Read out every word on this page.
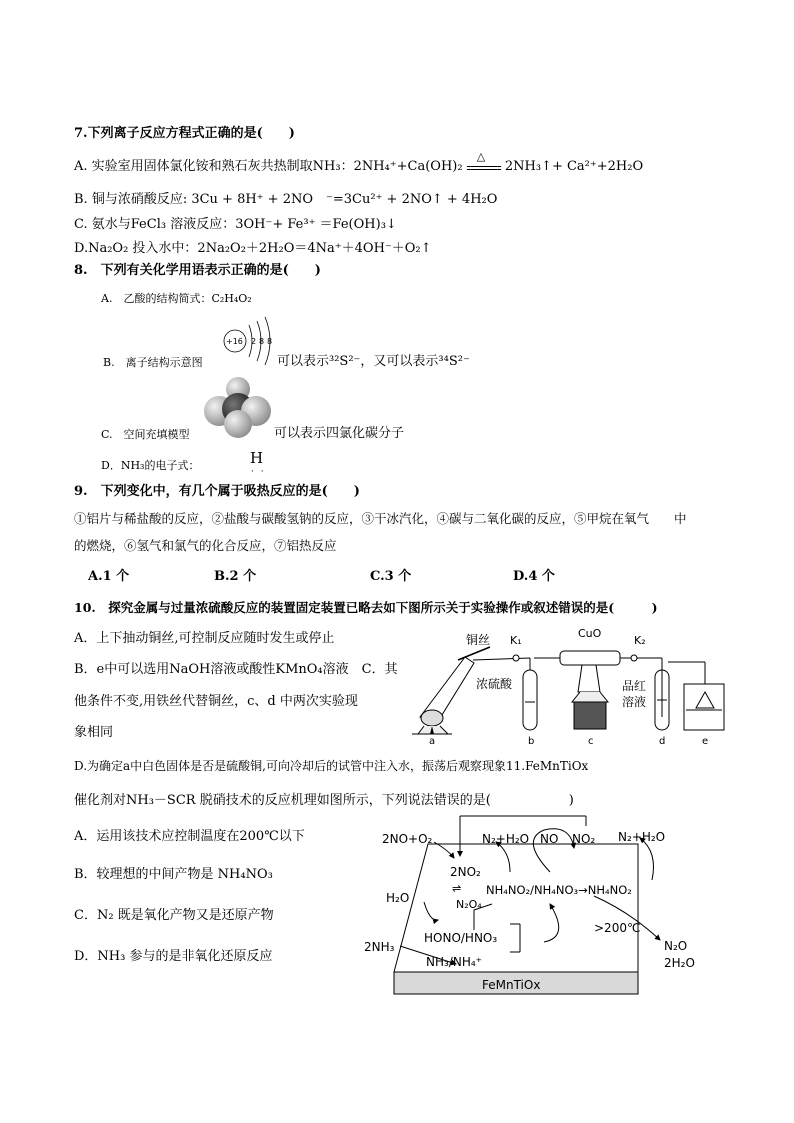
7.下列离子反应方程式正确的是(　　)
A. 实验室用固体氯化铵和熟石灰共热制取NH₃：2NH₄⁺+Ca(OH)₂
△
2NH₃↑+ Ca²⁺+2H₂O
B. 铜与浓硝酸反应: 3Cu + 8H⁺ + 2NO　⁻=3Cu²⁺ + 2NO↑ + 4H₂O
C. 氨水与FeCl₃ 溶液反应：3OH⁻+ Fe³⁺ ＝Fe(OH)₃↓
D.Na₂O₂ 投入水中：2Na₂O₂＋2H₂O＝4Na⁺＋4OH⁻＋O₂↑
8.　下列有关化学用语表示正确的是(　　)
A.　乙酸的结构简式：C₂H₄O₂
B.　离子结构示意图
+16 2 8 8
可以表示³²S²⁻，又可以表示³⁴S²⁻
C.　空间充填模型	可以表示四氯化碳分子
D．NH₃的电子式：	H
· ·
9.　下列变化中，有几个属于吸热反应的是(　　)
①铝片与稀盐酸的反应，②盐酸与碳酸氢钠的反应，③干冰汽化，④碳与二氧化碳的反应，⑤甲烷在氧气　　中
的燃烧，⑥氢气和氯气的化合反应，⑦铝热反应
A.1 个	B.2 个	C.3 个	D.4 个
10.　探究金属与过量浓硫酸反应的装置固定装置已略去如下图所示关于实验操作或叙述错误的是(　　　)
A．上下抽动铜丝,可控制反应随时发生或停止
B．e中可以选用NaOH溶液或酸性KMnO₄溶液　C．其
他条件不变,用铁丝代替铜丝，c、d 中两次实验现
象相同
铜丝 K₁
CuO
K₂
浓硫酸	品红
溶液
a	b	c	d	e
D.为确定a中白色固体是否是硫酸铜,可向冷却后的试管中注入水，振荡后观察现象11.FeMnTiOx
催化剂对NH₃－SCR 脱硝技术的反应机理如图所示，下列说法错误的是(　　　　　　)
A．运用该技术应控制温度在200℃以下
B．较理想的中间产物是 NH₄NO₃
C．N₂ 既是氧化产物又是还原产物
D．NH₃ 参与的是非氧化还原反应
2NO+O₂	N₂+H₂O NO NO₂ N₂+H₂O
2NO₂
⇌ NH₄NO₂/NH₄NO₃→NH₄NO₂
H₂O	N₂O₄
HONO/HNO₃
>200℃
N₂O
2H₂O
2NH₃
NH₃/NH₄⁺
FeMnTiOx
